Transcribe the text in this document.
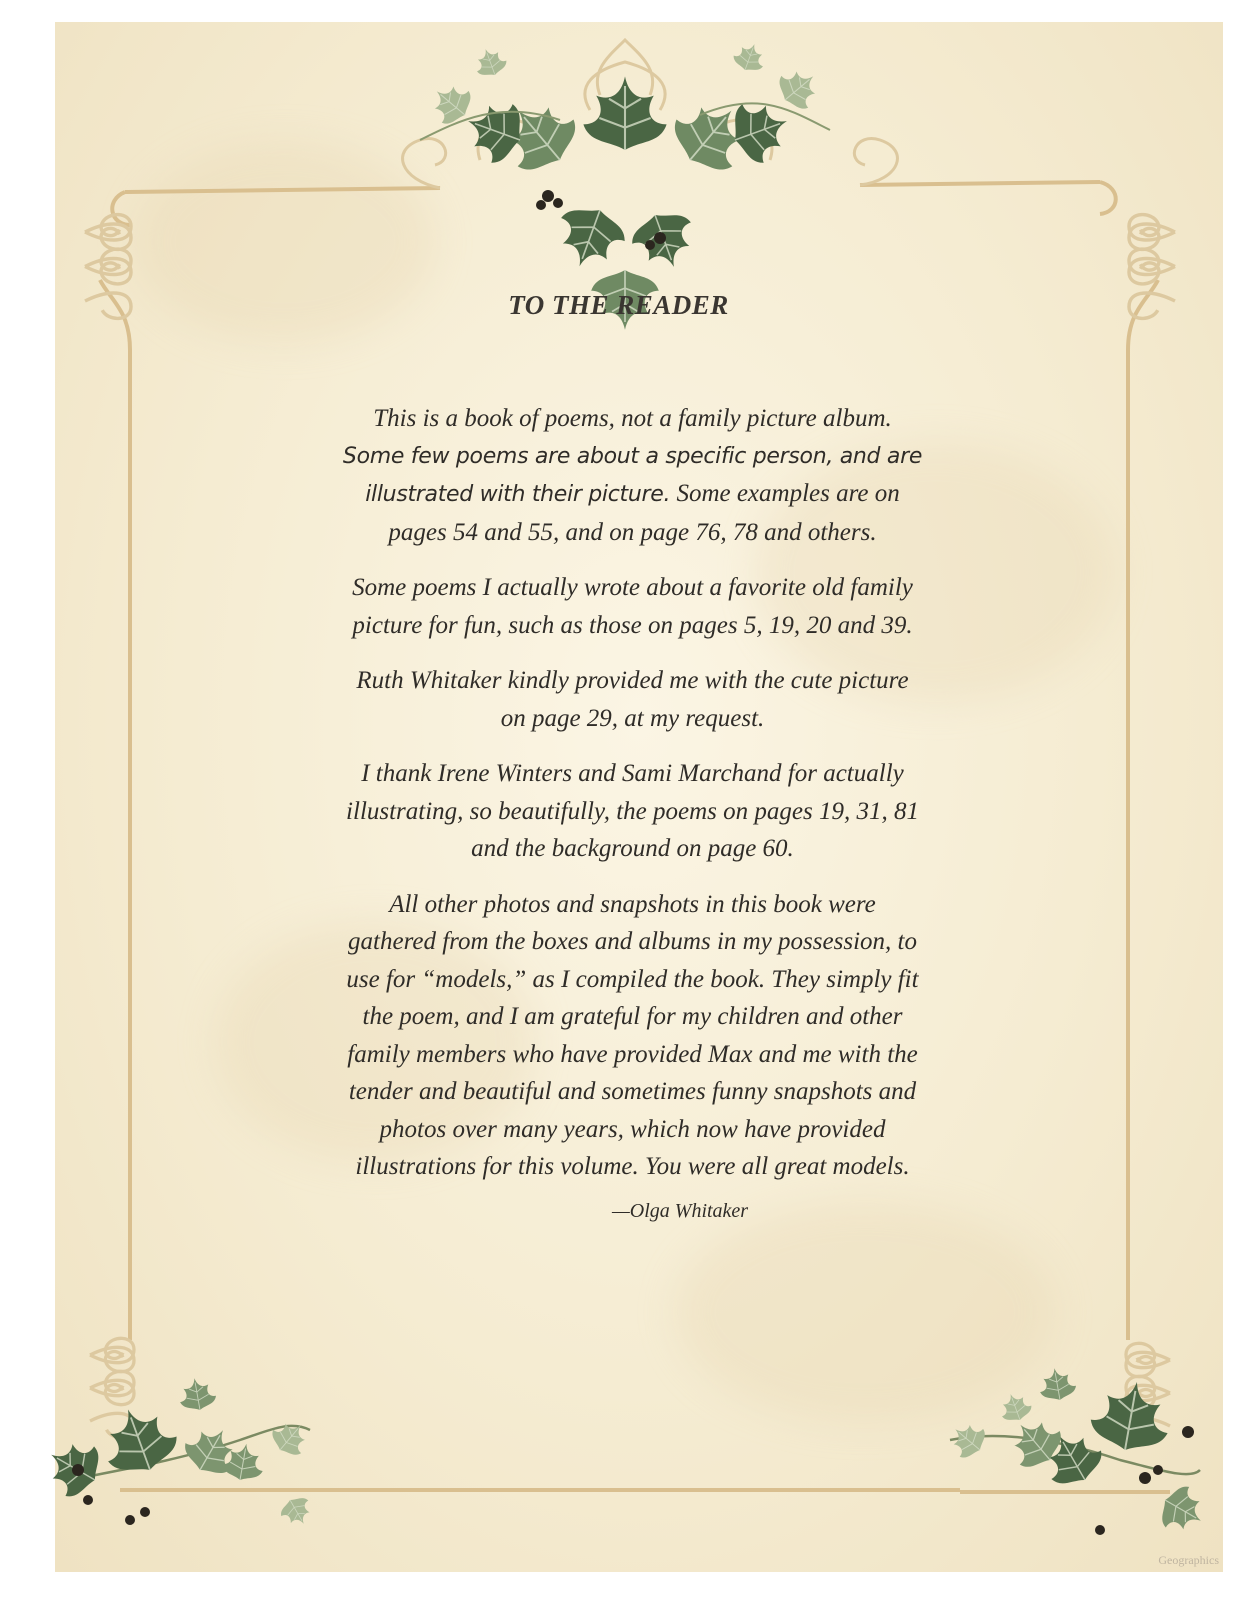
TO THE READER

This is a book of poems, not a family picture album.
Some few poems are about a specific person, and are
illustrated with their picture. Some examples are on
pages 54 and 55, and on page 76, 78 and others.

Some poems I actually wrote about a favorite old family
picture for fun, such as those on pages 5, 19, 20 and 39.

Ruth Whitaker kindly provided me with the cute picture
on page 29, at my request.

I thank Irene Winters and Sami Marchand for actually
illustrating, so beautifully, the poems on pages 19, 31, 81
and the background on page 60.

All other photos and snapshots in this book were
gathered from the boxes and albums in my possession, to
use for “models,” as I compiled the book. They simply fit
the poem, and I am grateful for my children and other
family members who have provided Max and me with the
tender and beautiful and sometimes funny snapshots and
photos over many years, which now have provided
illustrations for this volume. You were all great models.

—Olga Whitaker
Geographics
